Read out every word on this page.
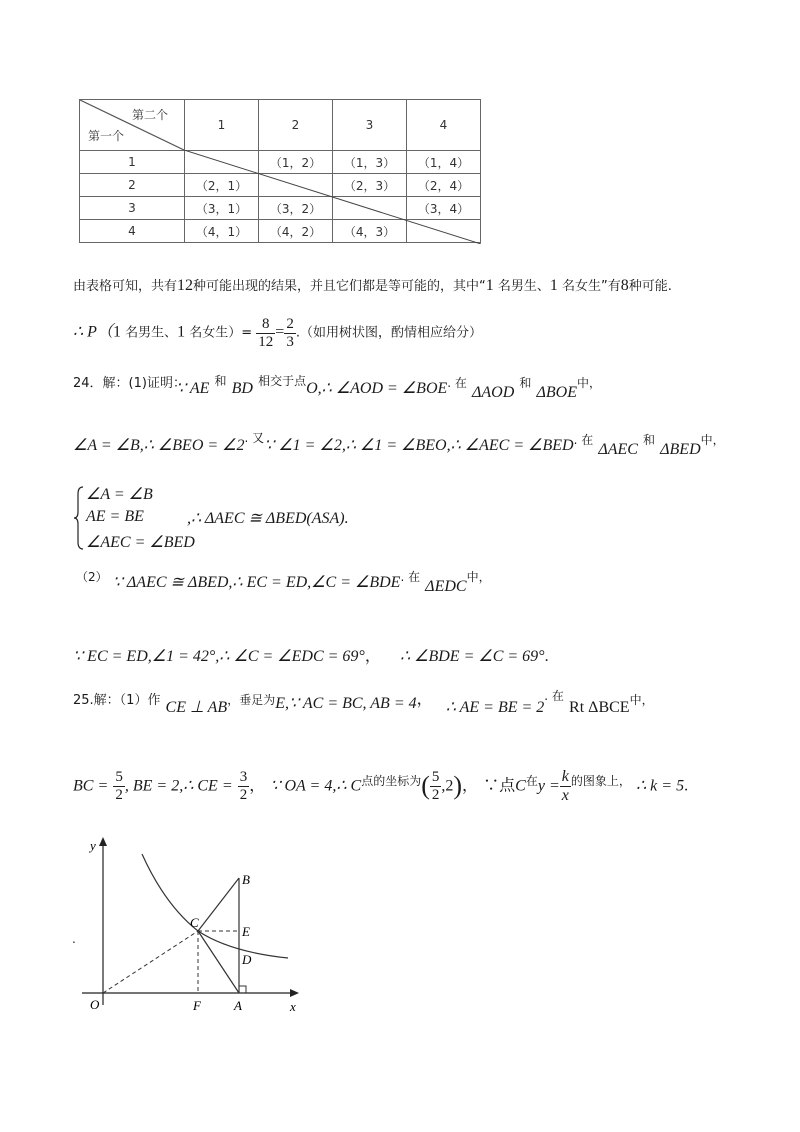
第二个
第一个	1	2	3	4
1		（1，2）	（1，3）	（1，4）
2	（2，1）		（2，3）	（2，4）
3	（3，1）	（3，2）		（3，4）
4	（4，1）	（4，2）	（4，3）	
由表格可知，共有12种可能出现的结果，并且它们都是等可能的，其中“1 名男生、1 名女生”有8种可能.
∴ P（1 名男生、1 名女生）= $\frac{8}{12} = \frac{2}{3}$ .（如用树状图，酌情相应给分）
24．解：(1)证明：
∵ AE $^和$ BD $^{相交于点}$O,∴ ∠AOD = $\angle BOE^{. 在}$ ΔAOD $^和$ $\Delta BOE^{中,}$
∠A = ∠B,∴ ∠BEO = $\angle 2^{. 又}\because$ ∠1 = ∠2,∴ ∠1 = ∠BEO,∴ ∠AEC = $\angle BED^{. 在}$ ΔAEC $^和$ $\Delta BED^{中,}$
∠A = ∠B
AE = BE
∠AEC = ∠BED
,∴ ΔAEC ≅ ΔBED(ASA).
$^{(2)}$ ∵ ΔAEC ≅ ΔBED,∴ EC = ED,∠C = $\angle BDE^{. 在}$ $\Delta EDC^{中,}$
∵ EC = ED,∠1 = 42°,∴ ∠C = ∠EDC = 69°， ∴ ∠BDE = ∠C = 69°.
25.解：（1）作 CE ⊥ AB，垂足为E,∵ AC = BC, AB = 4， ∴ AE = BE = $2^{. 在}$ Rt ΔBCE中，
BC = $\frac{5}{2}$ , BE = 2,∴ CE = $\frac{3}{2}$ ， ∵ OA = 4,∴ $C^{点的坐标为}( \frac{5}{2} ,2)$， ∵点$C^在y = \frac{k}{x} ^{的图象上,}$ ∴ k = 5.
.
y
x
O
B
C
E
D
F	A
